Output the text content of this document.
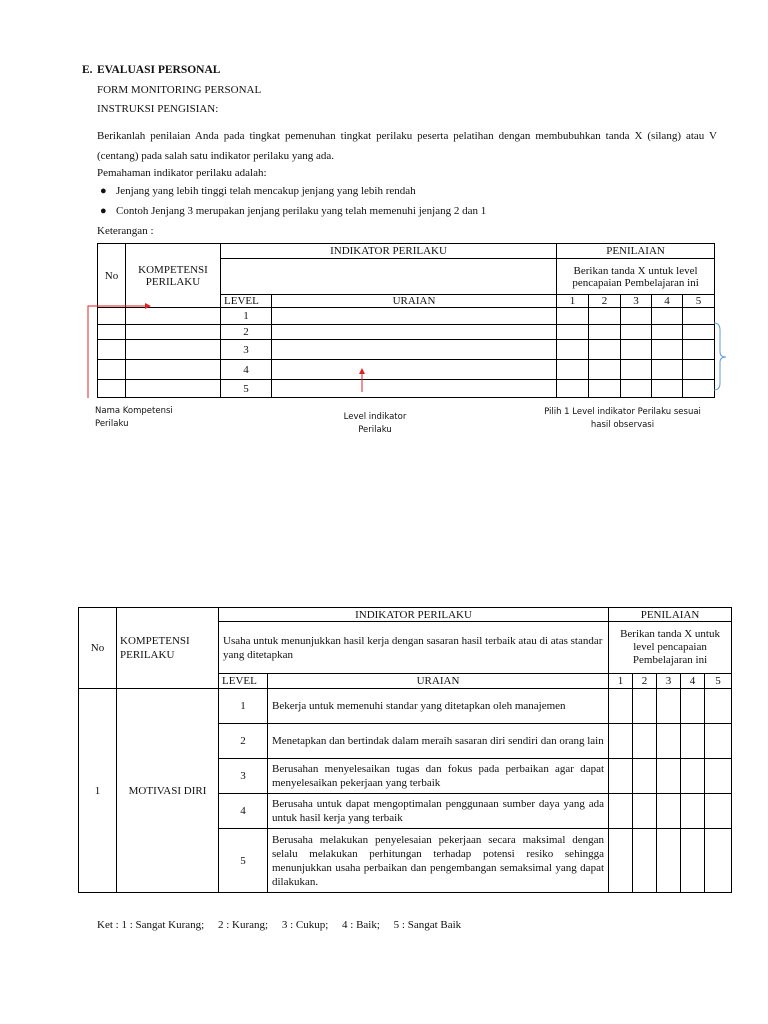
E. EVALUASI PERSONAL
FORM MONITORING PERSONAL
INSTRUKSI PENGISIAN:
Berikanlah penilaian Anda pada tingkat pemenuhan tingkat perilaku peserta pelatihan dengan membubuhkan tanda X (silang) atau V (centang) pada salah satu indikator perilaku yang ada.
Pemahaman indikator perilaku adalah:
● Jenjang yang lebih tinggi telah mencakup jenjang yang lebih rendah
● Contoh Jenjang 3 merupakan jenjang perilaku yang telah memenuhi jenjang 2 dan 1
Keterangan :
No	KOMPETENSI PERILAKU	INDIKATOR PERILAKU		PENILAIAN				
				Berikan tanda X untuk level pencapaian Pembelajaran ini				
		LEVEL	URAIAN	1	2	3	4	5
		1						
		2						
		3						
		4						
		5						
Nama Kompetensi Perilaku
Level indikator Perilaku
Pilih 1 Level indikator Perilaku sesuai hasil observasi
No	KOMPETENSI PERILAKU	INDIKATOR PERILAKU		PENILAIAN				
		Usaha untuk menunjukkan hasil kerja dengan sasaran hasil terbaik atau di atas standar yang ditetapkan		Berikan tanda X untuk level pencapaian Pembelajaran ini				
		LEVEL	URAIAN	1	2	3	4	5
1	MOTIVASI DIRI	1	Bekerja untuk memenuhi standar yang ditetapkan oleh manajemen					
		2	Menetapkan dan bertindak dalam meraih sasaran diri sendiri dan orang lain					
		3	Berusahan menyelesaikan tugas dan fokus pada perbaikan agar dapat menyelesaikan pekerjaan yang terbaik					
		4	Berusaha untuk dapat mengoptimalan penggunaan sumber daya yang ada untuk hasil kerja yang terbaik					
		5	Berusaha melakukan penyelesaian pekerjaan secara maksimal dengan selalu melakukan perhitungan terhadap potensi resiko sehingga menunjukkan usaha perbaikan dan pengembangan semaksimal yang dapat dilakukan.					
Ket : 1 : Sangat Kurang;     2 : Kurang;     3 : Cukup;     4 : Baik;     5 : Sangat Baik
